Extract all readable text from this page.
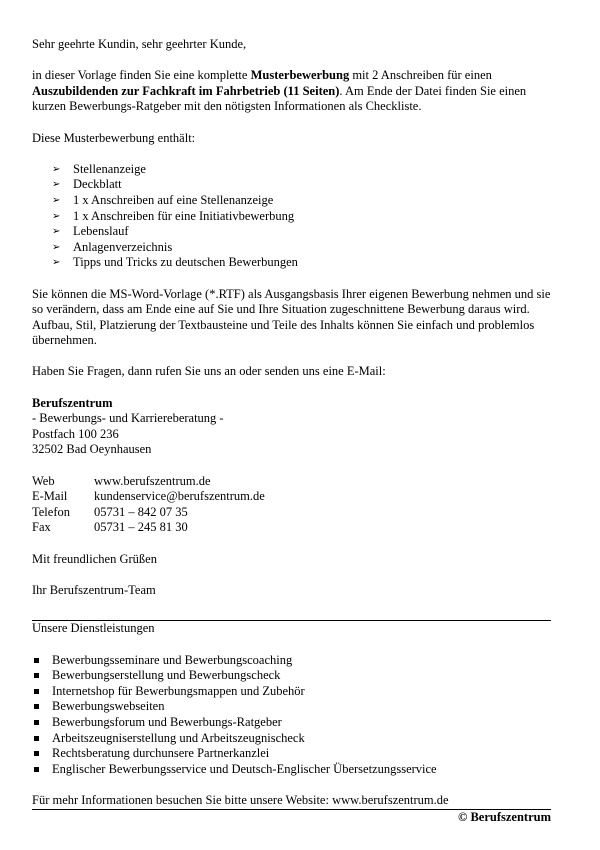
Sehr geehrte Kundin, sehr geehrter Kunde,

in dieser Vorlage finden Sie eine komplette Musterbewerbung mit 2 Anschreiben für einen Auszubildenden zur Fachkraft im Fahrbetrieb (11 Seiten). Am Ende der Datei finden Sie einen kurzen Bewerbungs-Ratgeber mit den nötigsten Informationen als Checkliste.

Diese Musterbewerbung enthält:

➢ Stellenanzeige
➢ Deckblatt
➢ 1 x Anschreiben auf eine Stellenanzeige
➢ 1 x Anschreiben für eine Initiativbewerbung
➢ Lebenslauf
➢ Anlagenverzeichnis
➢ Tipps und Tricks zu deutschen Bewerbungen

Sie können die MS-Word-Vorlage (*.RTF) als Ausgangsbasis Ihrer eigenen Bewerbung nehmen und sie so verändern, dass am Ende eine auf Sie und Ihre Situation zugeschnittene Bewerbung daraus wird. Aufbau, Stil, Platzierung der Textbausteine und Teile des Inhalts können Sie einfach und problemlos übernehmen.

Haben Sie Fragen, dann rufen Sie uns an oder senden uns eine E-Mail:

Berufszentrum

- Bewerbungs- und Karriereberatung -

Postfach 100 236

32502 Bad Oeynhausen

Web	www.berufszentrum.de
E-Mail	kundenservice@berufszentrum.de
Telefon	05731 – 842 07 35
Fax	05731 – 245 81 30

Mit freundlichen Grüßen

Ihr Berufszentrum-Team

Unsere Dienstleistungen

Bewerbungsseminare und Bewerbungscoaching
Bewerbungserstellung und Bewerbungscheck
Internetshop für Bewerbungsmappen und Zubehör
Bewerbungswebseiten
Bewerbungsforum und Bewerbungs-Ratgeber
Arbeitszeugniserstellung und Arbeitszeugnischeck
Rechtsberatung durchunsere Partnerkanzlei
Englischer Bewerbungsservice und Deutsch-Englischer Übersetzungsservice

Für mehr Informationen besuchen Sie bitte unsere Website: www.berufszentrum.de

© Berufszentrum
